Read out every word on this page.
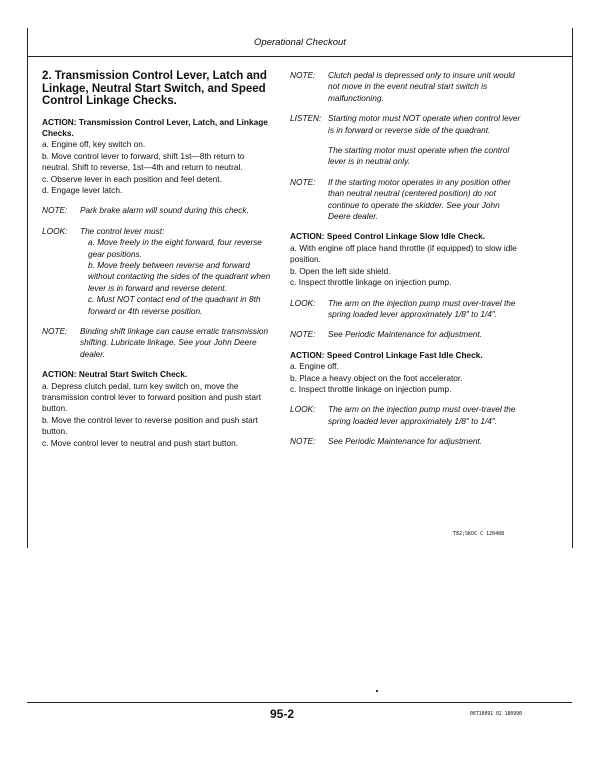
Operational Checkout
2. Transmission Control Lever, Latch and Linkage, Neutral Start Switch, and Speed Control Linkage Checks.
ACTION: Transmission Control Lever, Latch, and Linkage Checks.

a. Engine off, key switch on.

b. Move control lever to forward, shift 1st—8th return to neutral. Shift to reverse, 1st—4th and return to neutral.

c. Observe lever in each position and feel detent.

d. Engage lever latch.

NOTE:	Park brake alarm will sound during this check.
LOOK:	The control lever must:
a. Move freely in the eight forward, four reverse gear positions.
b. Move freely between reverse and forward without contacting the sides of the quadrant when lever is in forward and reverse detent.
c. Must NOT contact end of the quadrant in 8th forward or 4th reverse position.
NOTE:	Binding shift linkage can cause erratic transmission shifting. Lubricate linkage. See your John Deere dealer.
ACTION: Neutral Start Switch Check.

a. Depress clutch pedal, turn key switch on, move the transmission control lever to forward position and push start button.

b. Move the control lever to reverse position and push start button.

c. Move control lever to neutral and push start button.

NOTE:	Clutch pedal is depressed only to insure unit would not move in the event neutral start switch is malfunctioning.
LISTEN: Starting motor must NOT operate when control lever is in forward or reverse side of the quadrant.
The starting motor must operate when the control lever is in neutral only.
NOTE:	If the starting motor operates in any position other than neutral neutral (centered position) do not continue to operate the skidder. See your John Deere dealer.
ACTION: Speed Control Linkage Slow Idle Check.

a. With engine off place hand throttle (if equipped) to slow idle position.

b. Open the left side shield.

c. Inspect throttle linkage on injection pump.

LOOK:	The arm on the injection pump must over-travel the spring loaded lever approximately 1/8" to 1/4".
NOTE:	See Periodic Maintenance for adjustment.
ACTION: Speed Control Linkage Fast Idle Check.

a. Engine off.

b. Place a heavy object on the foot accelerator.

c. Inspect throttle linkage on injection pump.

LOOK:	The arm on the injection pump must over-travel the spring loaded lever approximately 1/8" to 1/4".
NOTE:	See Periodic Maintenance for adjustment.
T82;SKOC C 120488
95-2	06T10091 02 180990
